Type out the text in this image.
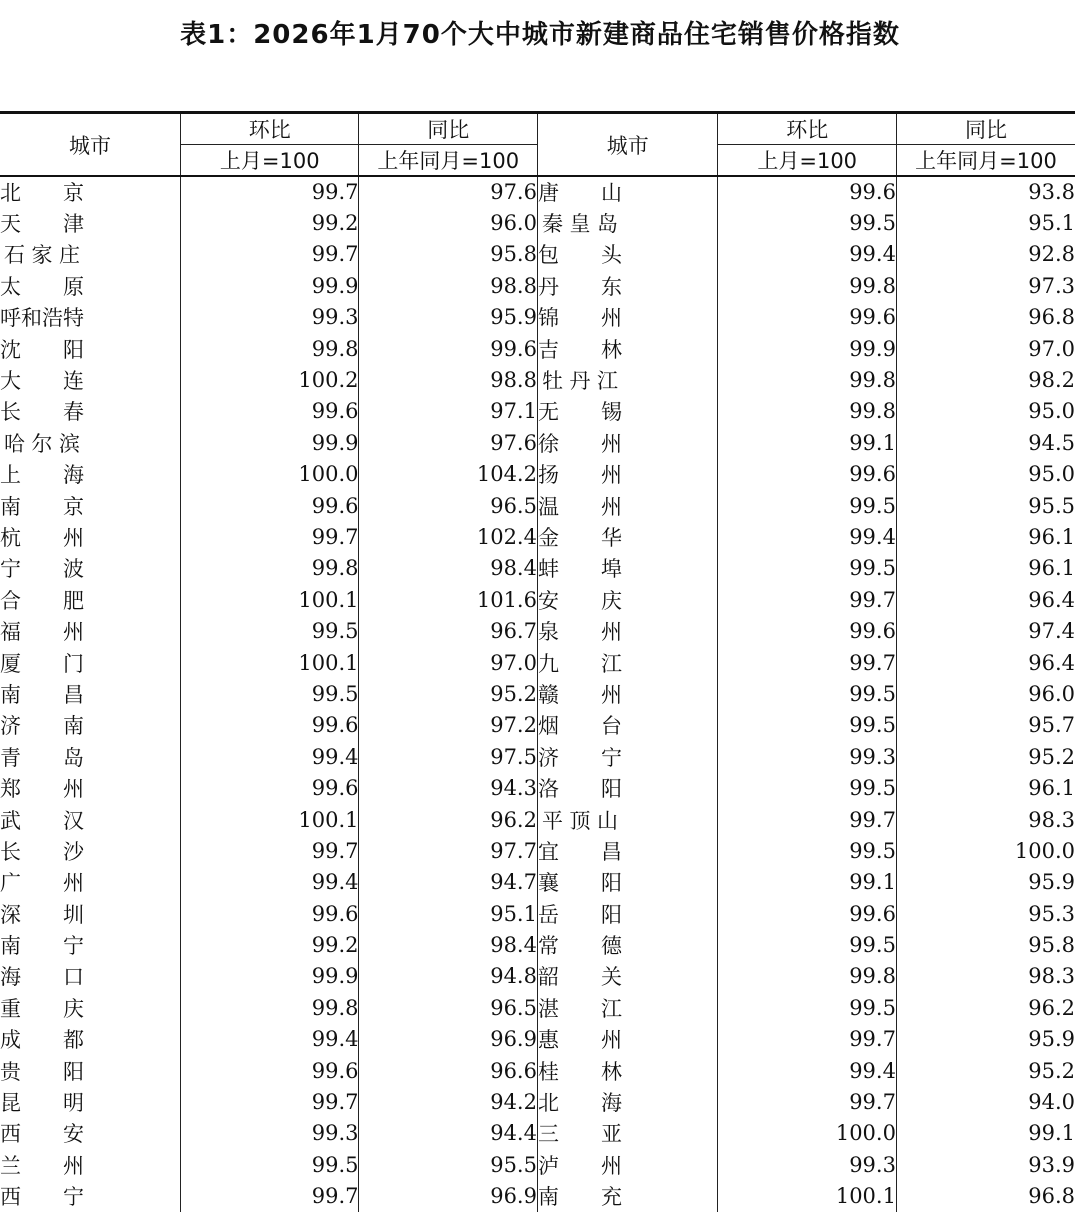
表1：2026年1月70个大中城市新建商品住宅销售价格指数
城市	环比	同比	城市	环比	同比
	上月=100	上年同月=100		上月=100	上年同月=100

北 京	99.7	97.6	唐 山	99.6	93.8

天 津	99.2	96.0	秦 皇 岛	99.5	95.1

石 家 庄	99.7	95.8	包 头	99.4	92.8

太 原	99.9	98.8	丹 东	99.8	97.3

呼 和 浩 特	99.3	95.9	锦 州	99.6	96.8

沈 阳	99.8	99.6	吉 林	99.9	97.0

大 连	100.2	98.8	牡 丹 江	99.8	98.2

长 春	99.6	97.1	无 锡	99.8	95.0

哈 尔 滨	99.9	97.6	徐 州	99.1	94.5

上 海	100.0	104.2	扬 州	99.6	95.0

南 京	99.6	96.5	温 州	99.5	95.5

杭 州	99.7	102.4	金 华	99.4	96.1

宁 波	99.8	98.4	蚌 埠	99.5	96.1

合 肥	100.1	101.6	安 庆	99.7	96.4

福 州	99.5	96.7	泉 州	99.6	97.4

厦 门	100.1	97.0	九 江	99.7	96.4

南 昌	99.5	95.2	赣 州	99.5	96.0

济 南	99.6	97.2	烟 台	99.5	95.7

青 岛	99.4	97.5	济 宁	99.3	95.2

郑 州	99.6	94.3	洛 阳	99.5	96.1

武 汉	100.1	96.2	平 顶 山	99.7	98.3

长 沙	99.7	97.7	宜 昌	99.5	100.0

广 州	99.4	94.7	襄 阳	99.1	95.9

深 圳	99.6	95.1	岳 阳	99.6	95.3

南 宁	99.2	98.4	常 德	99.5	95.8

海 口	99.9	94.8	韶 关	99.8	98.3

重 庆	99.8	96.5	湛 江	99.5	96.2

成 都	99.4	96.9	惠 州	99.7	95.9

贵 阳	99.6	96.6	桂 林	99.4	95.2

昆 明	99.7	94.2	北 海	99.7	94.0

西 安	99.3	94.4	三 亚	100.0	99.1

兰 州	99.5	95.5	泸 州	99.3	93.9

西 宁	99.7	96.9	南 充	100.1	96.8
